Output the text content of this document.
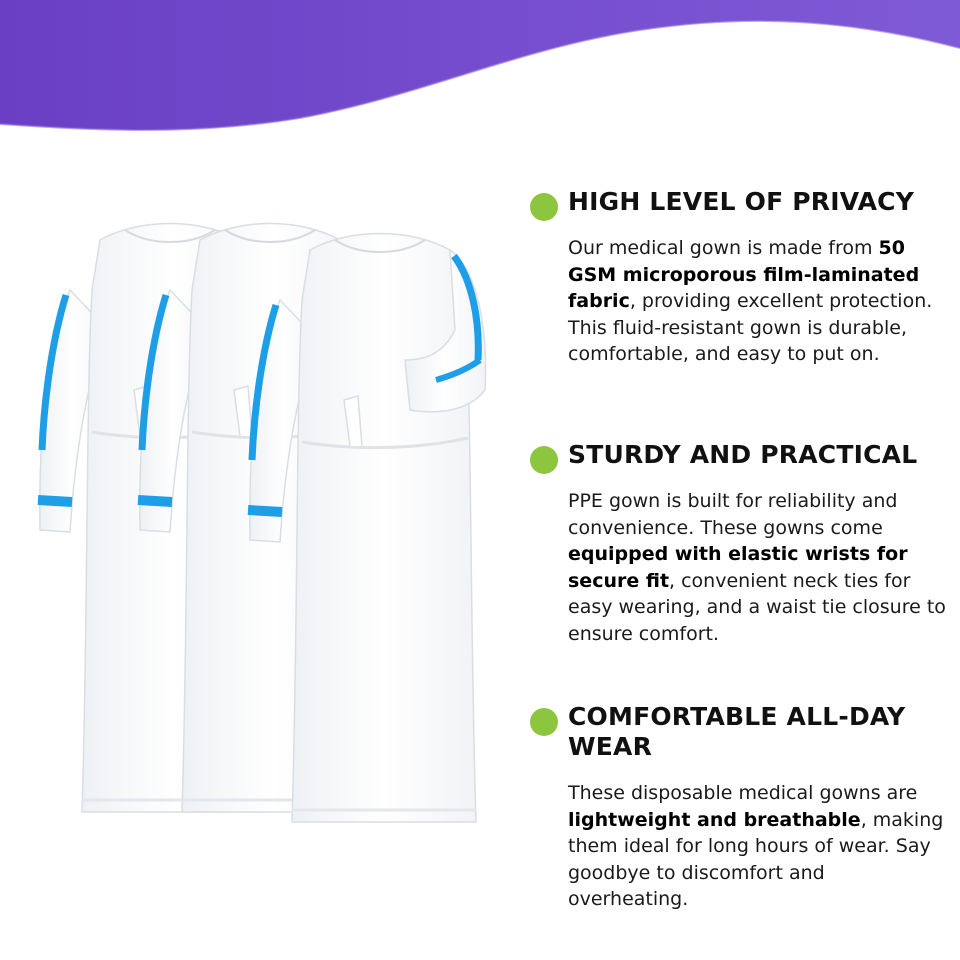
HIGH LEVEL OF PRIVACY

Our medical gown is made from 50 GSM microporous film-laminated fabric, providing excellent protection. This fluid-resistant gown is durable, comfortable, and easy to put on.

STURDY AND PRACTICAL

PPE gown is built for reliability and convenience. These gowns come equipped with elastic wrists for secure fit, convenient neck ties for easy wearing, and a waist tie closure to ensure comfort.

COMFORTABLE ALL-DAY WEAR

These disposable medical gowns are lightweight and breathable, making them ideal for long hours of wear. Say goodbye to discomfort and overheating.
